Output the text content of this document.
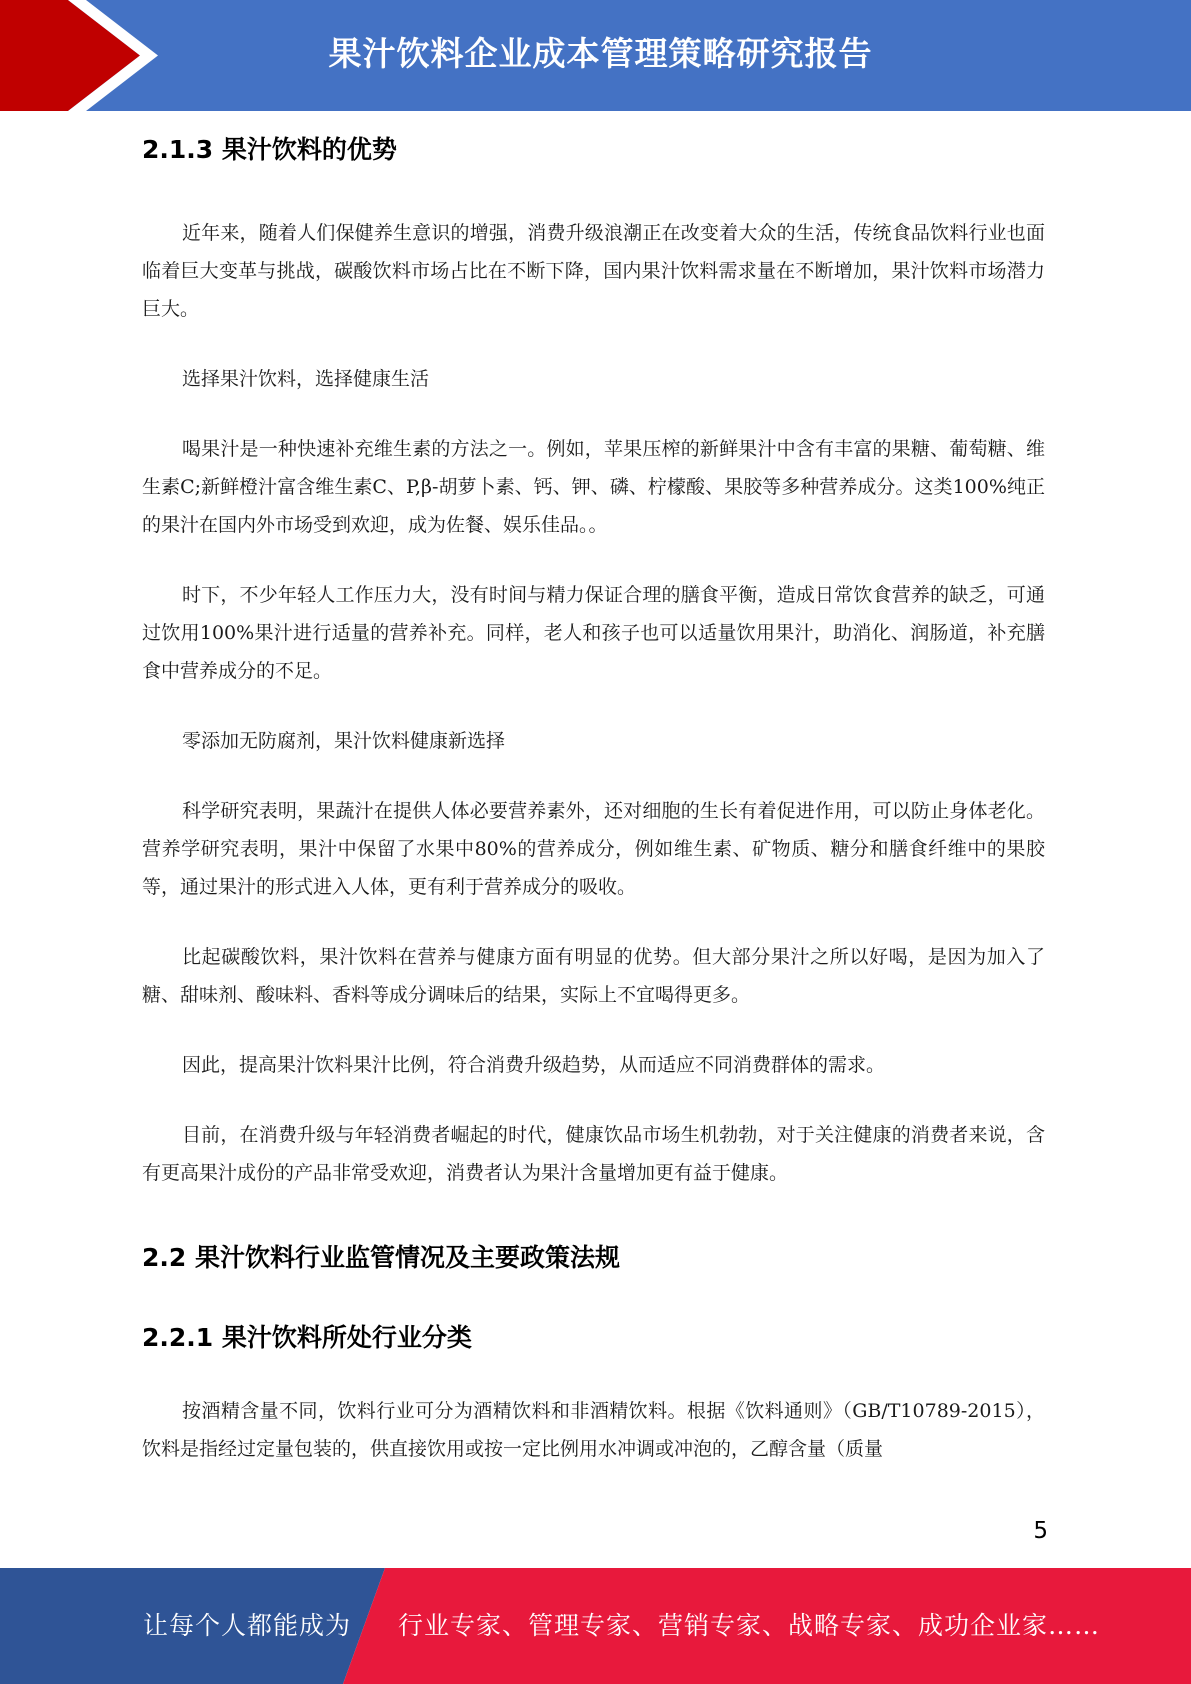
果汁饮料企业成本管理策略研究报告
2.1.3 果汁饮料的优势

近年来，随着人们保健养生意识的增强，消费升级浪潮正在改变着大众的生活，传统食品饮料行业也面临着巨大变革与挑战，碳酸饮料市场占比在不断下降，国内果汁饮料需求量在不断增加，果汁饮料市场潜力巨大。

选择果汁饮料，选择健康生活

喝果汁是一种快速补充维生素的方法之一。例如，苹果压榨的新鲜果汁中含有丰富的果糖、葡萄糖、维生素C;新鲜橙汁富含维生素C、P,β-胡萝卜素、钙、钾、磷、柠檬酸、果胶等多种营养成分。这类100%纯正的果汁在国内外市场受到欢迎，成为佐餐、娱乐佳品。。

时下，不少年轻人工作压力大，没有时间与精力保证合理的膳食平衡，造成日常饮食营养的缺乏，可通过饮用100%果汁进行适量的营养补充。同样，老人和孩子也可以适量饮用果汁，助消化、润肠道，补充膳食中营养成分的不足。

零添加无防腐剂，果汁饮料健康新选择

科学研究表明，果蔬汁在提供人体必要营养素外，还对细胞的生长有着促进作用，可以防止身体老化。营养学研究表明，果汁中保留了水果中80%的营养成分，例如维生素、矿物质、糖分和膳食纤维中的果胶等，通过果汁的形式进入人体，更有利于营养成分的吸收。

比起碳酸饮料，果汁饮料在营养与健康方面有明显的优势。但大部分果汁之所以好喝，是因为加入了糖、甜味剂、酸味料、香料等成分调味后的结果，实际上不宜喝得更多。

因此，提高果汁饮料果汁比例，符合消费升级趋势，从而适应不同消费群体的需求。

目前，在消费升级与年轻消费者崛起的时代，健康饮品市场生机勃勃，对于关注健康的消费者来说，含有更高果汁成份的产品非常受欢迎，消费者认为果汁含量增加更有益于健康。

2.2 果汁饮料行业监管情况及主要政策法规
2.2.1 果汁饮料所处行业分类

按酒精含量不同，饮料行业可分为酒精饮料和非酒精饮料。根据《饮料通则》（GB/T10789-2015），饮料是指经过定量包装的，供直接饮用或按一定比例用水冲调或冲泡的，乙醇含量（质量

5
让每个人都能成为 行业专家、管理专家、营销专家、战略专家、成功企业家……
